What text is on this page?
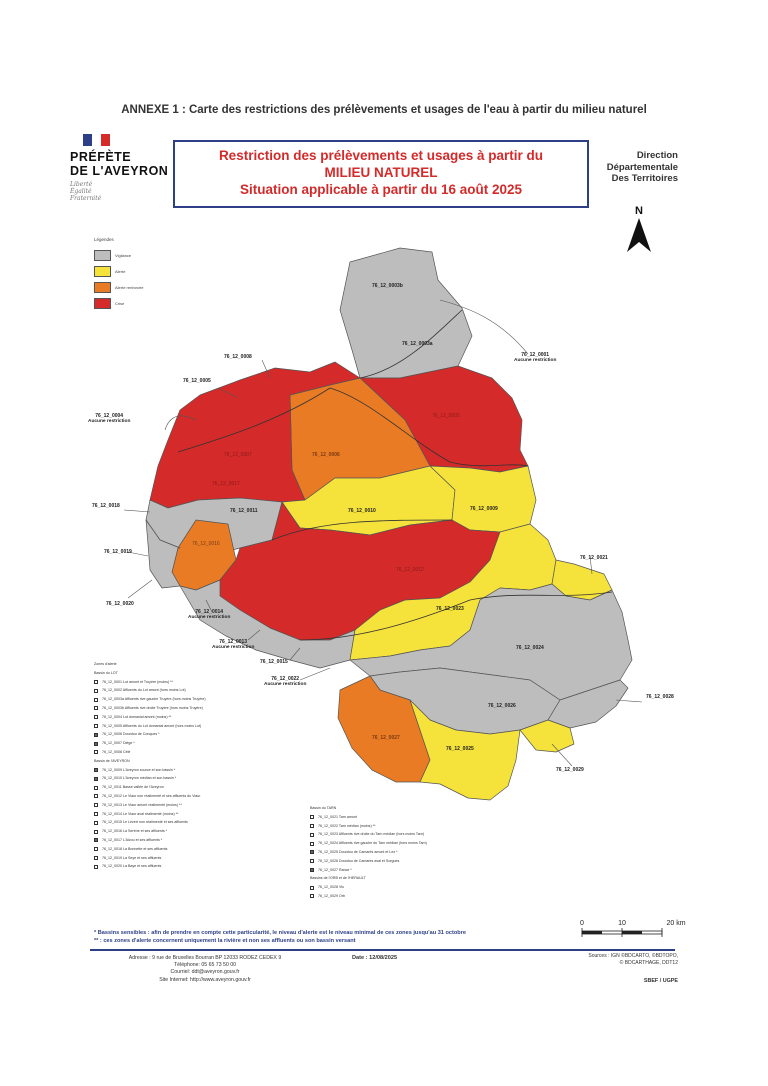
ANNEXE 1 : Carte des restrictions des prélèvements et usages de l'eau à partir du milieu naturel
PRÉFÈTE
DE L'AVEYRON
Liberté
Égalité
Fraternité
Restriction des prélèvements et usages à partir du
MILIEU NATUREL
Situation applicable à partir du 16 août 2025
Direction
Départementale
Des Territoires
N
Légendes
Vigilance
Alerte
Alerte renforcée
Crise
76_12_0003b
76_12_0003a
76_12_0001
Aucune restriction
76_12_0008
76_12_0005
76_12_0004
Aucune restriction
76_12_0002
76_12_0007	76_12_0006
76_12_0017
76_12_0018
76_12_0011	76_12_0010	76_12_0009
76_12_0016
76_12_0019
76_12_0012
76_12_0021
76_12_0020
76_12_0014
Aucune restriction
76_12_0023
76_12_0013
Aucune restriction
76_12_0015
76_12_0024
76_12_0022
Aucune restriction
76_12_0028
76_12_0026
76_12_0027
76_12_0025
76_12_0029
Zones d'alerte
Bassin du LOT
76_12_0001 Lot amont et Truyère (moins) **
76_12_0002 Affluents du Lot amont (hors moins Lot)
76_12_0003a Affluents rive gauche Truyère (hors moins Truyère)
76_12_0003b Affluents rive droite Truyère (hors moins Truyère)
76_12_0004 Lot domanial amont (moins) **
76_12_0005 Affluents du Lot domanial amont (hors moins Lot)
76_12_0006 Dourdou de Conques *
76_12_0007 Diège *
76_12_0008 Célé
Bassin de l'AVEYRON
76_12_0009 L'Aveyron source et son bassin *
76_12_0010 L'Aveyron médian et son bassin *
76_12_0011 Basse vallée de l'Aveyron
76_12_0012 Le Viaur non réalimenté et ses affluents du Viaur
76_12_0013 Le Viaur amont réalimenté (moins) **
76_12_0014 Le Viaur aval réalimenté (moins) **
76_12_0015 Le Lézert non réalimenté et ses affluents
76_12_0016 La Serène et ses affluents *
76_12_0017 L'Alzou et ses affluents *
76_12_0018 La Bonnette et ses affluents
76_12_0019 La Seye et ses affluents
76_12_0020 La Baye et ses affluents
Bassin du TARN
76_12_0021 Tarn amont
76_12_0022 Tarn médian (moins) **
76_12_0023 Affluents rive droite du Tarn médian (hors moins Tarn)
76_12_0024 Affluents rive gauche du Tarn médian (hors moins Tarn)
76_12_0025 Dourdou de Camarès amont et Lez *
76_12_0026 Dourdou de Camarès aval et Sorgues
76_12_0027 Rance *
Bassins de l'ORB et de l'HERAULT
76_12_0028 Vis
76_12_0029 Orb
0	10	20 km
* Bassins sensibles : afin de prendre en compte cette particularité, le niveau d'alerte est le niveau minimal de ces zones jusqu'au 31 octobre
** : ces zones d'alerte concernent uniquement la rivière et non ses affluents ou son bassin versant
Adresse : 9 rue de Bruxelles Bourran BP 12033 RODEZ CEDEX 9
Téléphone: 05 65 73 50 00
Courriel: ddt@aveyron.gouv.fr
Site Internet: http://www.aveyron.gouv.fr
Date : 12/08/2025	Sources : IGN ©BDCARTO, ©BDTOPO,
© BDCARTHAGE, DDT12
SBEF / UGPE
